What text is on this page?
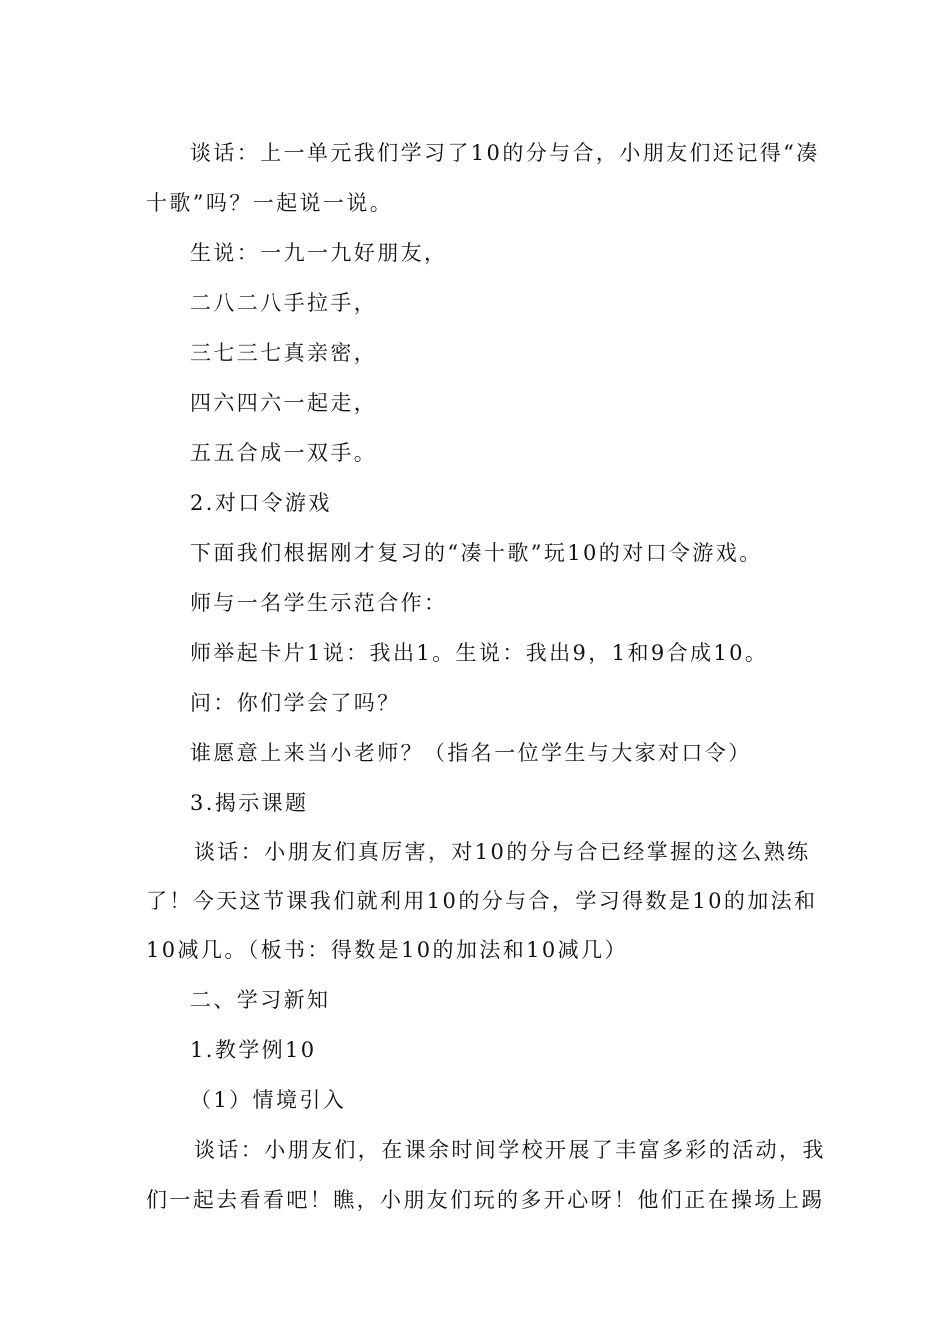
谈话：上一单元我们学习了10的分与合，小朋友们还记得“凑
十歌”吗？一起说一说。
生说：一九一九好朋友，
二八二八手拉手，
三七三七真亲密，
四六四六一起走，
五五合成一双手。
2.对口令游戏
下面我们根据刚才复习的“凑十歌”玩10的对口令游戏。
师与一名学生示范合作：
师举起卡片1说：我出1。生说：我出9，1和9合成10。
问：你们学会了吗？
谁愿意上来当小老师？（指名一位学生与大家对口令）
3.揭示课题
谈话：小朋友们真厉害，对10的分与合已经掌握的这么熟练
了！今天这节课我们就利用10的分与合，学习得数是10的加法和
10减几。（板书：得数是10的加法和10减几）
二、学习新知
1.教学例10
（1）情境引入
谈话：小朋友们，在课余时间学校开展了丰富多彩的活动，我
们一起去看看吧！瞧，小朋友们玩的多开心呀！他们正在操场上踢
